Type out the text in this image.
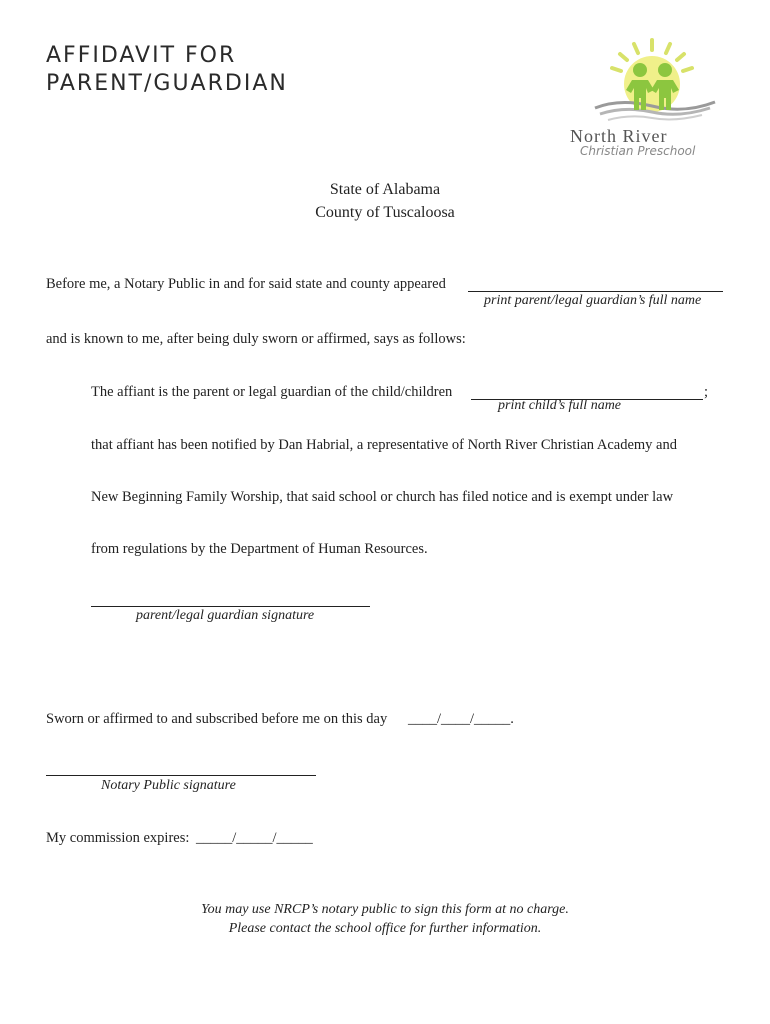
AFFIDAVIT FOR
PARENT/GUARDIAN
North River
Christian Preschool
State of Alabama
County of Tuscaloosa
Before me, a Notary Public in and for said state and county appeared
print parent/legal guardian’s full name
and is known to me, after being duly sworn or affirmed, says as follows:
The affiant is the parent or legal guardian of the child/children	;
print child’s full name
that affiant has been notified by Dan Habrial, a representative of North River Christian Academy and
New Beginning Family Worship, that said school or church has filed notice and is exempt under law
from regulations by the Department of Human Resources.
parent/legal guardian signature
Sworn or affirmed to and subscribed before me on this day ____/____/_____.
Notary Public signature
My commission expires: _____/_____/_____
You may use NRCP’s notary public to sign this form at no charge.
Please contact the school office for further information.
